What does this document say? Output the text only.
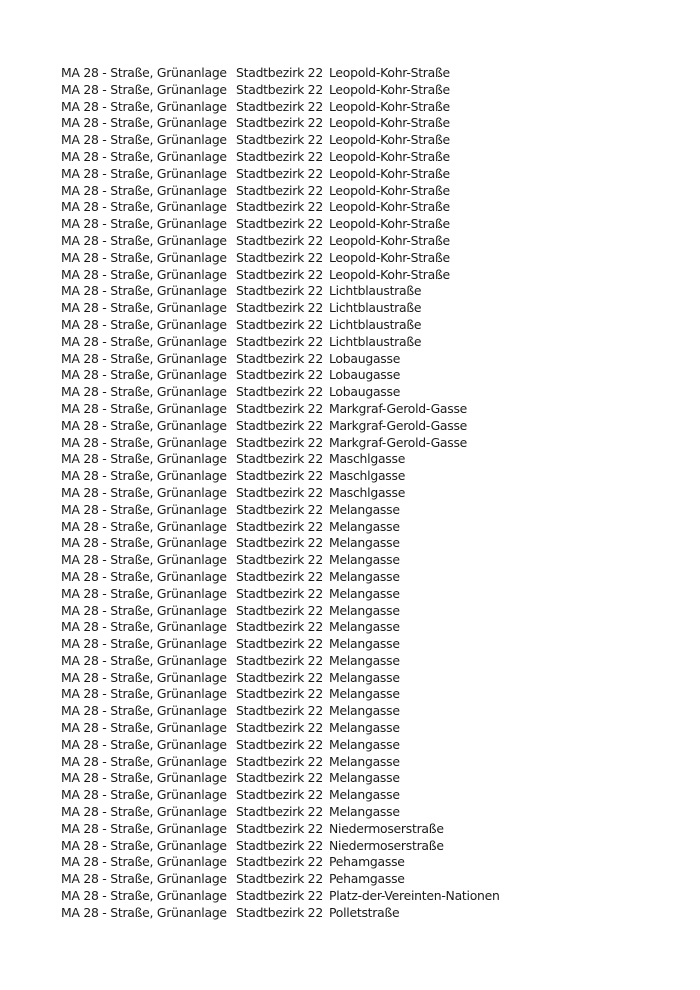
MA 28 - Straße, Grünanlage Stadtbezirk 22 Leopold-Kohr-Straße
MA 28 - Straße, Grünanlage Stadtbezirk 22 Leopold-Kohr-Straße
MA 28 - Straße, Grünanlage Stadtbezirk 22 Leopold-Kohr-Straße
MA 28 - Straße, Grünanlage Stadtbezirk 22 Leopold-Kohr-Straße
MA 28 - Straße, Grünanlage Stadtbezirk 22 Leopold-Kohr-Straße
MA 28 - Straße, Grünanlage Stadtbezirk 22 Leopold-Kohr-Straße
MA 28 - Straße, Grünanlage Stadtbezirk 22 Leopold-Kohr-Straße
MA 28 - Straße, Grünanlage Stadtbezirk 22 Leopold-Kohr-Straße
MA 28 - Straße, Grünanlage Stadtbezirk 22 Leopold-Kohr-Straße
MA 28 - Straße, Grünanlage Stadtbezirk 22 Leopold-Kohr-Straße
MA 28 - Straße, Grünanlage Stadtbezirk 22 Leopold-Kohr-Straße
MA 28 - Straße, Grünanlage Stadtbezirk 22 Leopold-Kohr-Straße
MA 28 - Straße, Grünanlage Stadtbezirk 22 Leopold-Kohr-Straße
MA 28 - Straße, Grünanlage Stadtbezirk 22 Lichtblaustraße
MA 28 - Straße, Grünanlage Stadtbezirk 22 Lichtblaustraße
MA 28 - Straße, Grünanlage Stadtbezirk 22 Lichtblaustraße
MA 28 - Straße, Grünanlage Stadtbezirk 22 Lichtblaustraße
MA 28 - Straße, Grünanlage Stadtbezirk 22 Lobaugasse
MA 28 - Straße, Grünanlage Stadtbezirk 22 Lobaugasse
MA 28 - Straße, Grünanlage Stadtbezirk 22 Lobaugasse
MA 28 - Straße, Grünanlage Stadtbezirk 22 Markgraf-Gerold-Gasse
MA 28 - Straße, Grünanlage Stadtbezirk 22 Markgraf-Gerold-Gasse
MA 28 - Straße, Grünanlage Stadtbezirk 22 Markgraf-Gerold-Gasse
MA 28 - Straße, Grünanlage Stadtbezirk 22 Maschlgasse
MA 28 - Straße, Grünanlage Stadtbezirk 22 Maschlgasse
MA 28 - Straße, Grünanlage Stadtbezirk 22 Maschlgasse
MA 28 - Straße, Grünanlage Stadtbezirk 22 Melangasse
MA 28 - Straße, Grünanlage Stadtbezirk 22 Melangasse
MA 28 - Straße, Grünanlage Stadtbezirk 22 Melangasse
MA 28 - Straße, Grünanlage Stadtbezirk 22 Melangasse
MA 28 - Straße, Grünanlage Stadtbezirk 22 Melangasse
MA 28 - Straße, Grünanlage Stadtbezirk 22 Melangasse
MA 28 - Straße, Grünanlage Stadtbezirk 22 Melangasse
MA 28 - Straße, Grünanlage Stadtbezirk 22 Melangasse
MA 28 - Straße, Grünanlage Stadtbezirk 22 Melangasse
MA 28 - Straße, Grünanlage Stadtbezirk 22 Melangasse
MA 28 - Straße, Grünanlage Stadtbezirk 22 Melangasse
MA 28 - Straße, Grünanlage Stadtbezirk 22 Melangasse
MA 28 - Straße, Grünanlage Stadtbezirk 22 Melangasse
MA 28 - Straße, Grünanlage Stadtbezirk 22 Melangasse
MA 28 - Straße, Grünanlage Stadtbezirk 22 Melangasse
MA 28 - Straße, Grünanlage Stadtbezirk 22 Melangasse
MA 28 - Straße, Grünanlage Stadtbezirk 22 Melangasse
MA 28 - Straße, Grünanlage Stadtbezirk 22 Melangasse
MA 28 - Straße, Grünanlage Stadtbezirk 22 Melangasse
MA 28 - Straße, Grünanlage Stadtbezirk 22 Niedermoserstraße
MA 28 - Straße, Grünanlage Stadtbezirk 22 Niedermoserstraße
MA 28 - Straße, Grünanlage Stadtbezirk 22 Pehamgasse
MA 28 - Straße, Grünanlage Stadtbezirk 22 Pehamgasse
MA 28 - Straße, Grünanlage Stadtbezirk 22 Platz-der-Vereinten-Nationen
MA 28 - Straße, Grünanlage Stadtbezirk 22 Polletstraße
